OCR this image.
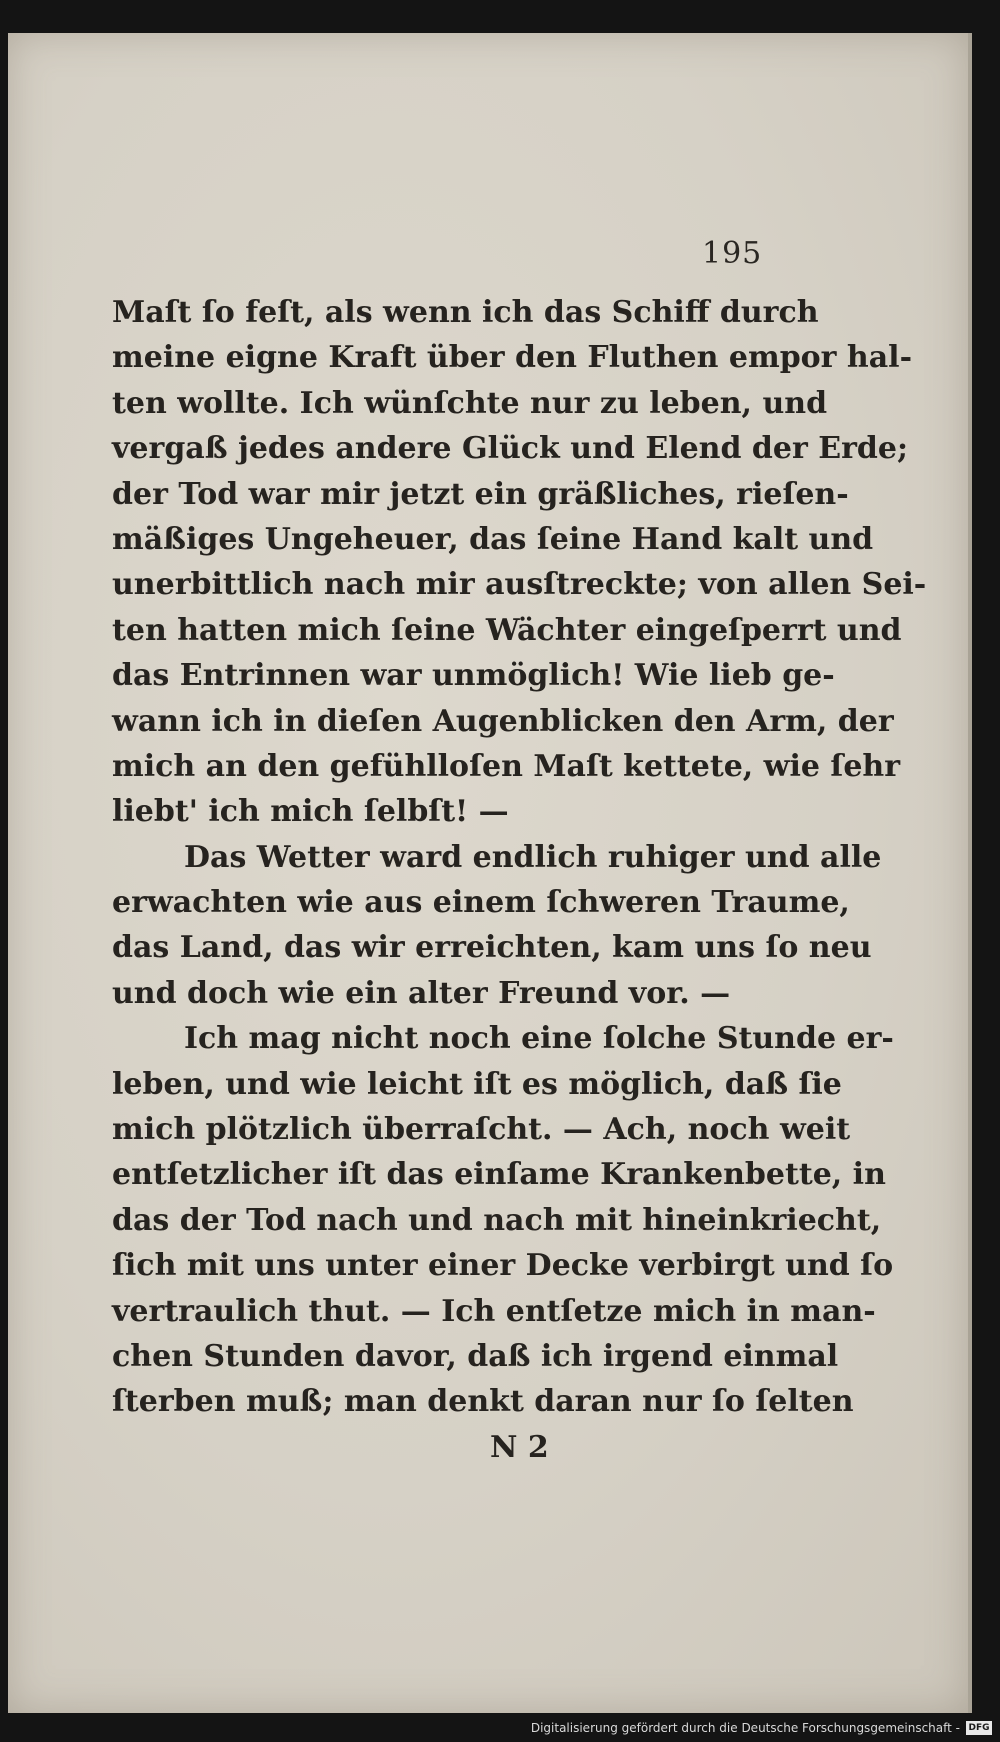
195
Maſt ſo feſt, als wenn ich das Schiff durch
meine eigne Kraft über den Fluthen empor hal-
ten wollte. Ich wünſchte nur zu leben, und
vergaß jedes andere Glück und Elend der Erde;
der Tod war mir jetzt ein gräßliches, rieſen-
mäßiges Ungeheuer, das ſeine Hand kalt und
unerbittlich nach mir ausſtreckte; von allen Sei-
ten hatten mich ſeine Wächter eingeſperrt und
das Entrinnen war unmöglich! Wie lieb ge-
wann ich in dieſen Augenblicken den Arm, der
mich an den gefühlloſen Maſt kettete, wie ſehr
liebt' ich mich ſelbſt! —
Das Wetter ward endlich ruhiger und alle
erwachten wie aus einem ſchweren Traume,
das Land, das wir erreichten, kam uns ſo neu
und doch wie ein alter Freund vor. —
Ich mag nicht noch eine ſolche Stunde er-
leben, und wie leicht iſt es möglich, daß ſie
mich plötzlich überraſcht. — Ach, noch weit
entſetzlicher iſt das einſame Krankenbette, in
das der Tod nach und nach mit hineinkriecht,
ſich mit uns unter einer Decke verbirgt und ſo
vertraulich thut. — Ich entſetze mich in man-
chen Stunden davor, daß ich irgend einmal
ſterben muß; man denkt daran nur ſo ſelten
N 2
Digitalisierung gefördert durch die Deutsche Forschungsgemeinschaft - DFG
